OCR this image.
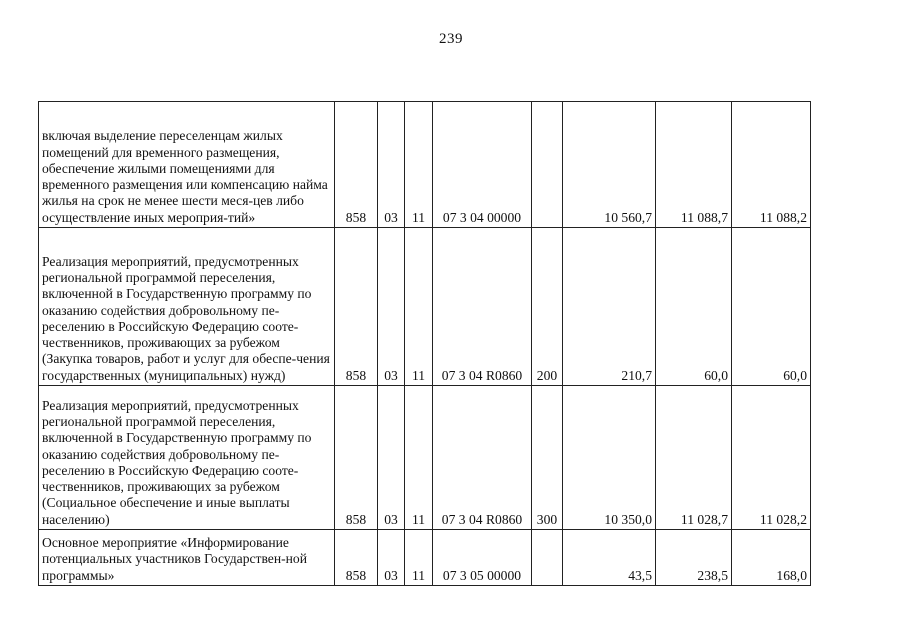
239
включая выделение переселенцам жилых помещений для временного размещения, обеспечение жилыми помещениями для временного размещения или компенсацию найма жилья на срок не менее шести меся-цев либо осуществление иных мероприя-тий»	858	03	11	07 3 04 00000		10 560,7	11 088,7	11 088,2
Реализация мероприятий, предусмотренных региональной программой переселения, включенной в Государственную программу по оказанию содействия добровольному пе-реселению в Российскую Федерацию сооте-чественников, проживающих за рубежом (Закупка товаров, работ и услуг для обеспе-чения государственных (муниципальных) нужд)	858	03	11	07 3 04 R0860	200	210,7	60,0	60,0
Реализация мероприятий, предусмотренных региональной программой переселения, включенной в Государственную программу по оказанию содействия добровольному пе-реселению в Российскую Федерацию сооте-чественников, проживающих за рубежом (Социальное обеспечение и иные выплаты населению)	858	03	11	07 3 04 R0860	300	10 350,0	11 028,7	11 028,2
Основное мероприятие «Информирование потенциальных участников Государствен-ной программы»	858	03	11	07 3 05 00000		43,5	238,5	168,0
